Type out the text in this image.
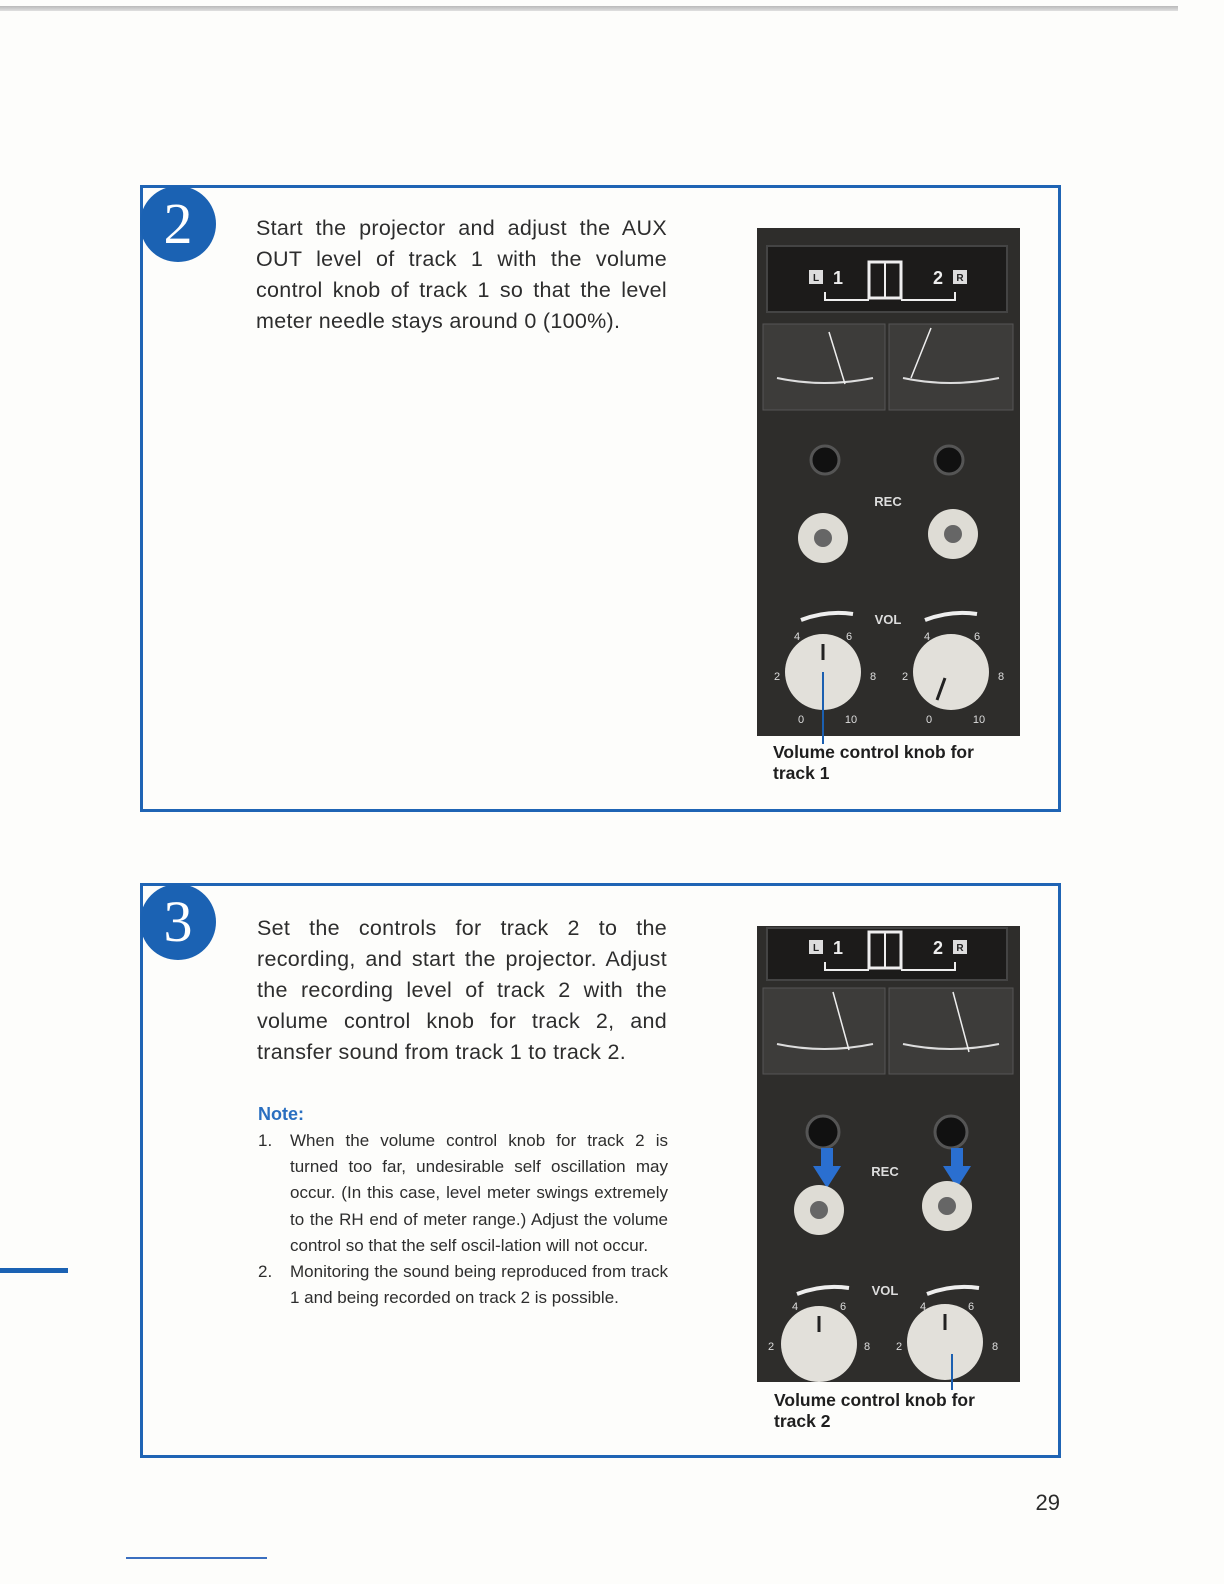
2	Start the projector and adjust the AUX OUT level of track 1 with the volume control knob of track 1 so that the level meter needle stays around 0 (100%).
L 1	2 R
REC
VOL
0	10
2
4	6
8
0	10
2
4	6
8
Volume control knob for
track 1
3	Set the controls for track 2 to the recording, and start the projector. Adjust the recording level of track 2 with the volume control knob for track 2, and transfer sound from track 1 to track 2.
Note:
1. When the volume control knob for track 2 is turned too far, undesirable self oscillation may occur. (In this case, level meter swings extremely to the RH end of meter range.) Adjust the volume control so that the self oscil-lation will not occur.
2. Monitoring the sound being reproduced from track 1 and being recorded on track 2 is possible.
L 1	2 R
REC
VOL
2
4	6
8 2
4	6
8
Volume control knob for
track 2
29
